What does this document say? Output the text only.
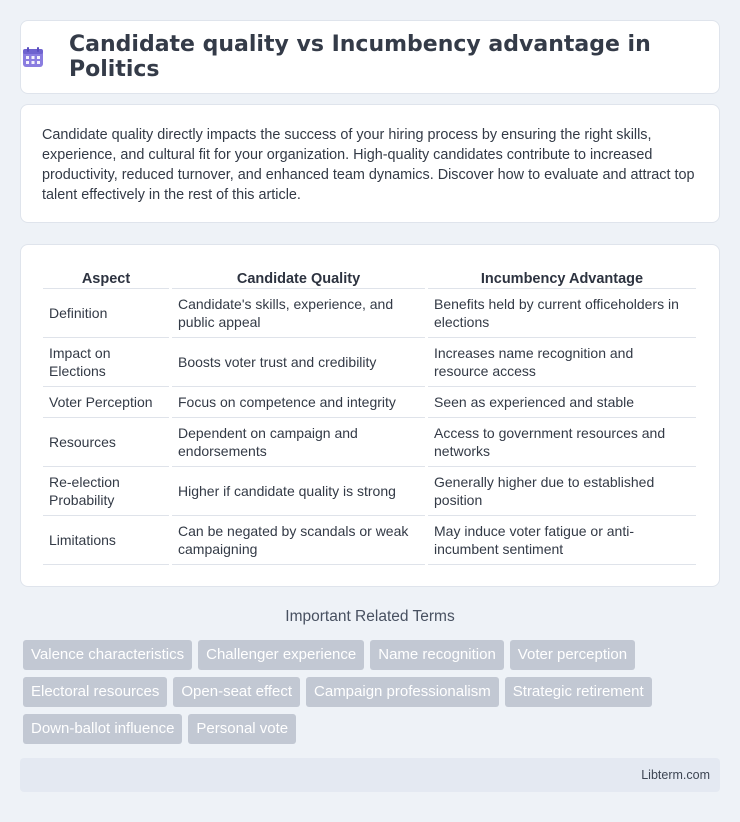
Candidate quality vs Incumbency advantage in Politics

Candidate quality directly impacts the success of your hiring process by ensuring the right skills, experience, and cultural fit for your organization. High-quality candidates contribute to increased productivity, reduced turnover, and enhanced team dynamics. Discover how to evaluate and attract top talent effectively in the rest of this article.

Aspect	Candidate Quality	Incumbency Advantage
Definition	Candidate's skills, experience, and public appeal	Benefits held by current officeholders in elections
Impact on Elections	Boosts voter trust and credibility	Increases name recognition and resource access
Voter Perception	Focus on competence and integrity	Seen as experienced and stable
Resources	Dependent on campaign and endorsements	Access to government resources and networks
Re-election Probability	Higher if candidate quality is strong	Generally higher due to established position
Limitations	Can be negated by scandals or weak campaigning	May induce voter fatigue or anti-incumbent sentiment
Important Related Terms
Valence characteristics	Challenger experience	Name recognition	Voter perception
Electoral resources	Open-seat effect	Campaign professionalism	Strategic retirement
Down-ballot influence	Personal vote
Libterm.com
